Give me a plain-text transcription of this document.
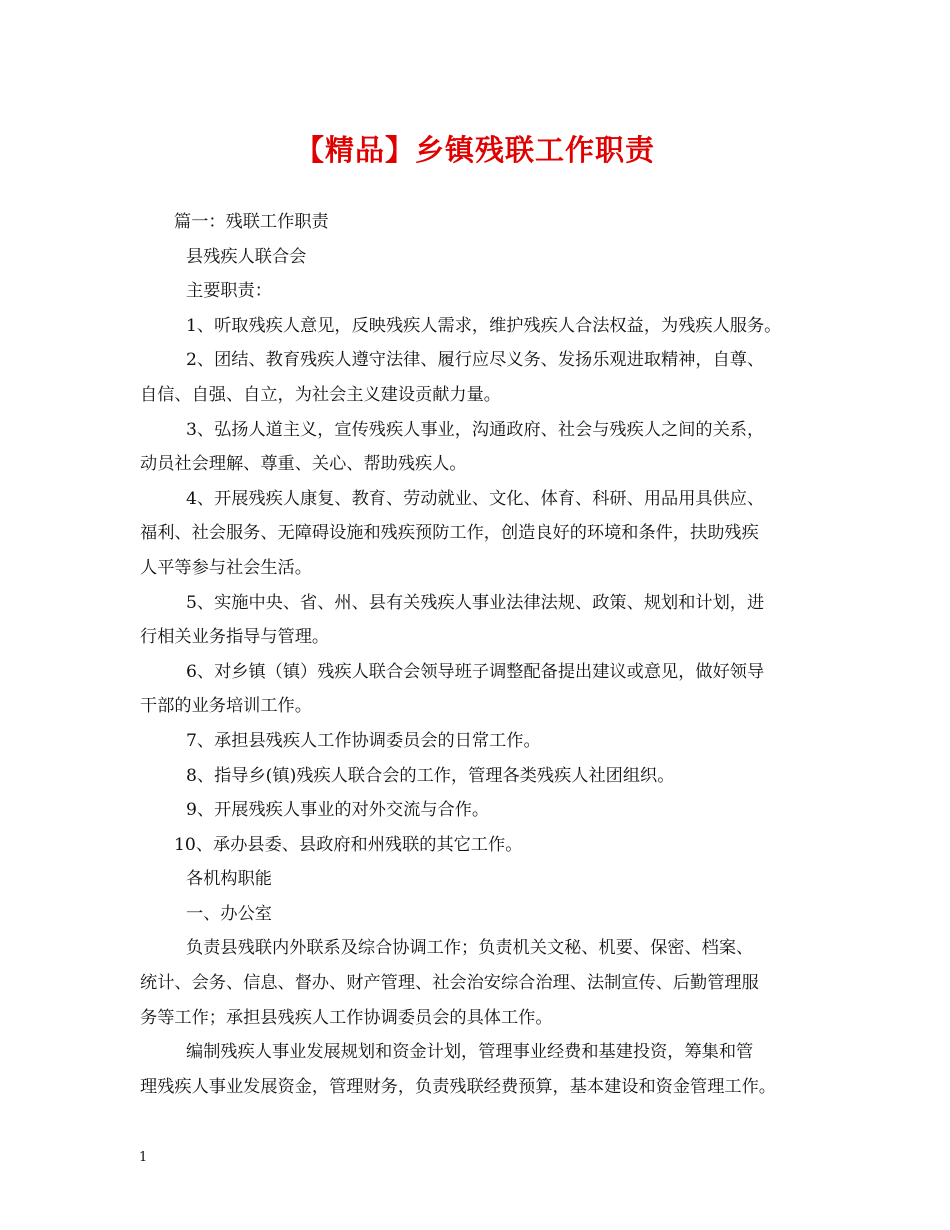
【精品】乡镇残联工作职责

篇一：残联工作职责

县残疾人联合会

主要职责：

1、听取残疾人意见，反映残疾人需求，维护残疾人合法权益，为残疾人服务。

2、团结、教育残疾人遵守法律、履行应尽义务、发扬乐观进取精神，自尊、

自信、自强、自立，为社会主义建设贡献力量。

3、弘扬人道主义，宣传残疾人事业，沟通政府、社会与残疾人之间的关系，

动员社会理解、尊重、关心、帮助残疾人。

4、开展残疾人康复、教育、劳动就业、文化、体育、科研、用品用具供应、

福利、社会服务、无障碍设施和残疾预防工作，创造良好的环境和条件，扶助残疾

人平等参与社会生活。

5、实施中央、省、州、县有关残疾人事业法律法规、政策、规划和计划，进

行相关业务指导与管理。

6、对乡镇（镇）残疾人联合会领导班子调整配备提出建议或意见，做好领导

干部的业务培训工作。

7、承担县残疾人工作协调委员会的日常工作。

8、指导乡(镇)残疾人联合会的工作，管理各类残疾人社团组织。

9、开展残疾人事业的对外交流与合作。

10、承办县委、县政府和州残联的其它工作。

各机构职能

一、办公室

负责县残联内外联系及综合协调工作；负责机关文秘、机要、保密、档案、

统计、会务、信息、督办、财产管理、社会治安综合治理、法制宣传、后勤管理服

务等工作；承担县残疾人工作协调委员会的具体工作。

编制残疾人事业发展规划和资金计划，管理事业经费和基建投资，筹集和管

理残疾人事业发展资金，管理财务，负责残联经费预算，基本建设和资金管理工作。

1
